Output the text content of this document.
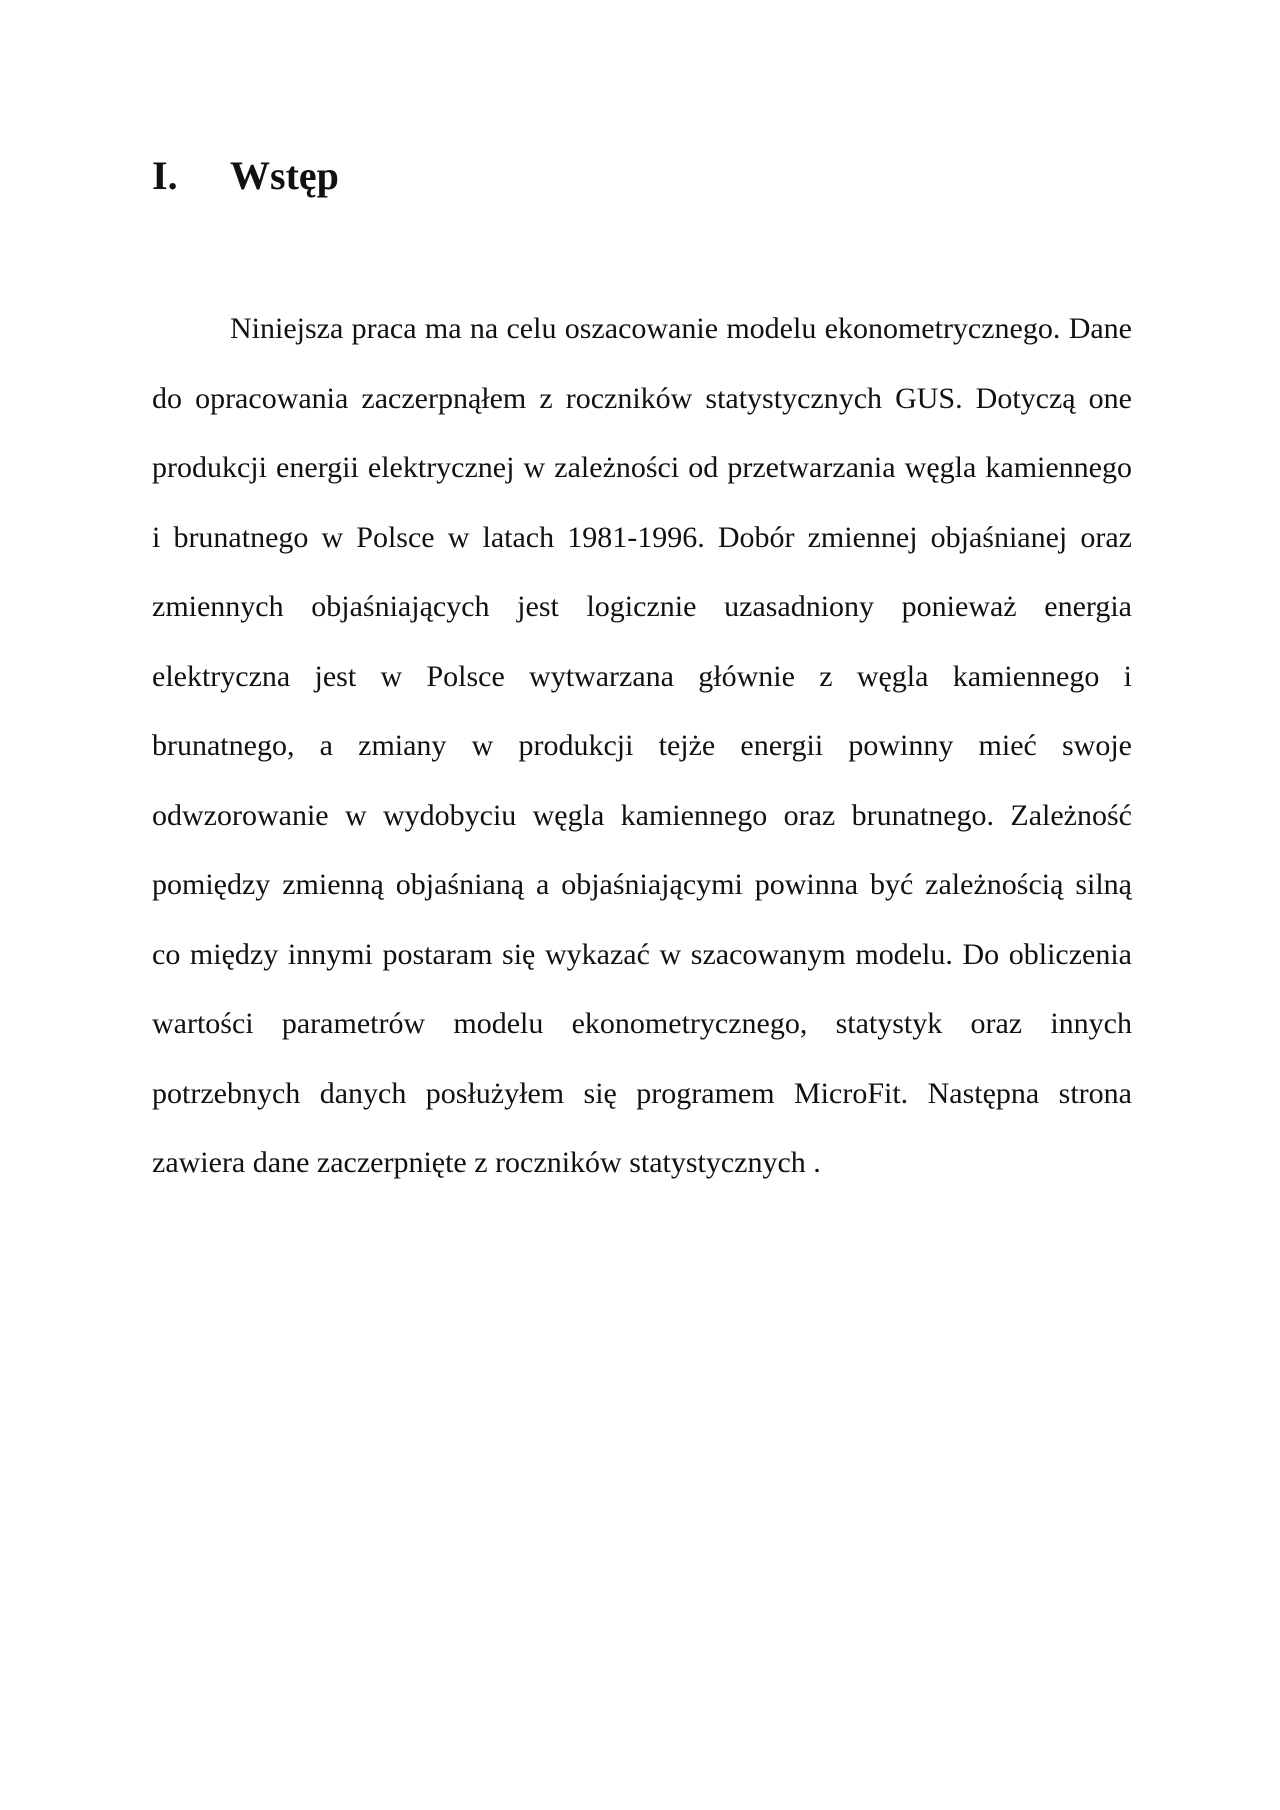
I. Wstęp
Niniejsza praca ma na celu oszacowanie modelu ekonometrycznego. Dane
do opracowania zaczerpnąłem z roczników statystycznych GUS. Dotyczą one
produkcji energii elektrycznej w zależności od przetwarzania węgla kamiennego
i brunatnego w Polsce w latach 1981-1996. Dobór zmiennej objaśnianej oraz
zmiennych objaśniających jest logicznie uzasadniony ponieważ energia
elektryczna jest w Polsce wytwarzana głównie z węgla kamiennego i
brunatnego, a zmiany w produkcji tejże energii powinny mieć swoje
odwzorowanie w wydobyciu węgla kamiennego oraz brunatnego. Zależność
pomiędzy zmienną objaśnianą a objaśniającymi powinna być zależnością silną
co między innymi postaram się wykazać w szacowanym modelu. Do obliczenia
wartości parametrów modelu ekonometrycznego, statystyk oraz innych
potrzebnych danych posłużyłem się programem MicroFit. Następna strona
zawiera dane zaczerpnięte z roczników statystycznych .
